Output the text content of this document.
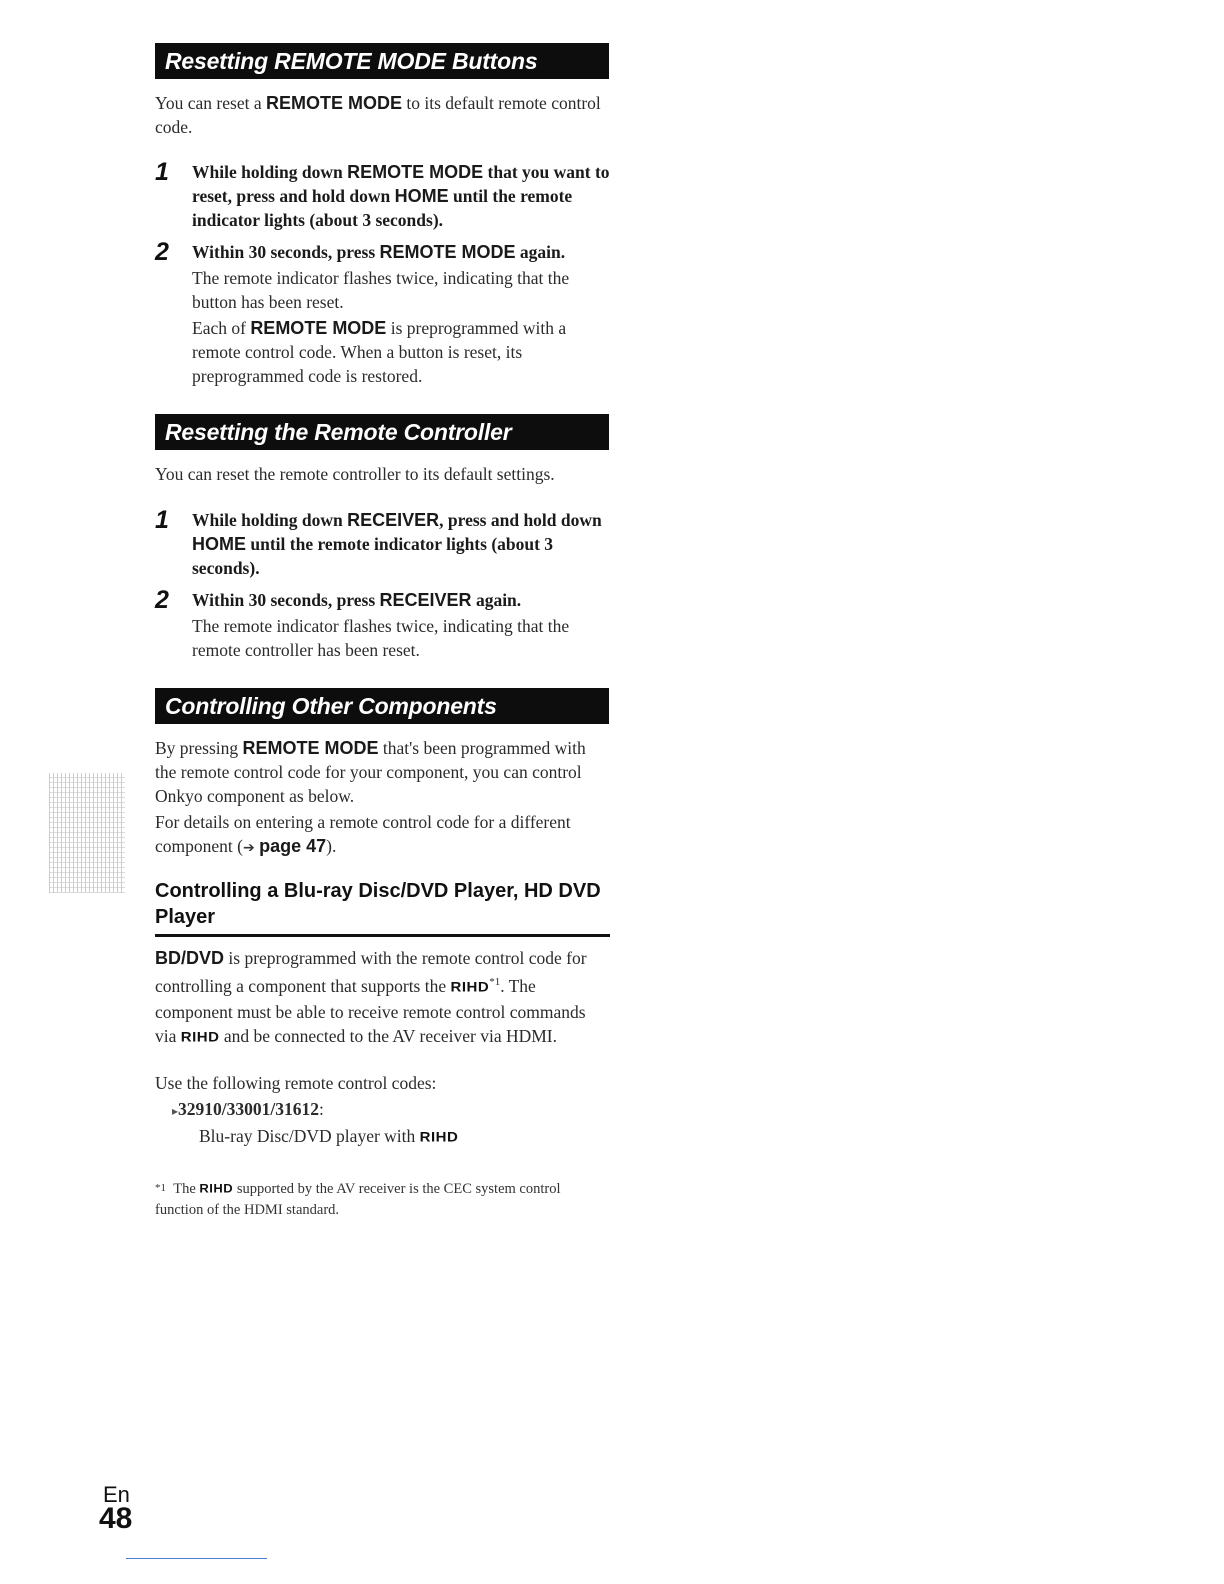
Resetting REMOTE MODE Buttons

You can reset a REMOTE MODE to its default remote control code.

1	While holding down REMOTE MODE that you want to reset, press and hold down HOME until the remote indicator lights (about 3 seconds).
2	Within 30 seconds, press REMOTE MODE again.
The remote indicator flashes twice, indicating that the button has been reset.
Each of REMOTE MODE is preprogrammed with a remote control code. When a button is reset, its preprogrammed code is restored.
Resetting the Remote Controller

You can reset the remote controller to its default settings.

1	While holding down RECEIVER, press and hold down HOME until the remote indicator lights (about 3 seconds).
2	Within 30 seconds, press RECEIVER again.
The remote indicator flashes twice, indicating that the remote controller has been reset.
Controlling Other Components

By pressing REMOTE MODE that's been programmed with the remote control code for your component, you can control Onkyo component as below.

For details on entering a remote control code for a different component (➔ page 47).

Controlling a Blu-ray Disc/DVD Player, HD DVD Player

BD/DVD is preprogrammed with the remote control code for controlling a component that supports the RIHD$^{*1}$. The component must be able to receive remote control commands via RIHD and be connected to the AV receiver via HDMI.

Use the following remote control codes:

▸32910/33001/31612:
Blu-ray Disc/DVD player with RIHD
$^{*1}$ The RIHD supported by the AV receiver is the CEC system control function of the HDMI standard.
En
48
